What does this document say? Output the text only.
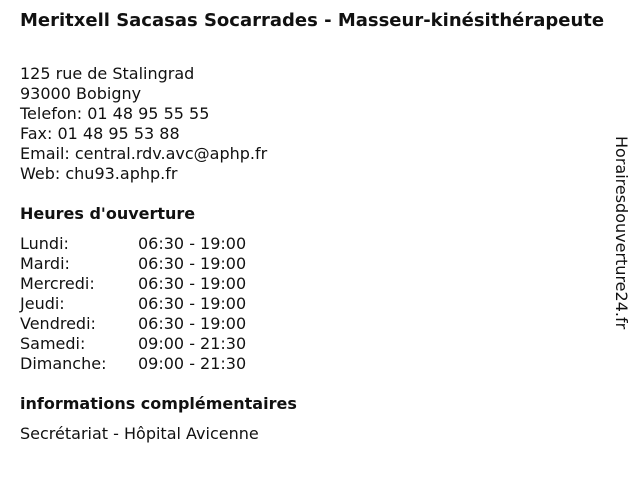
Meritxell Sacasas Socarrades - Masseur-kinésithérapeute
125 rue de Stalingrad
93000 Bobigny
Telefon: 01 48 95 55 55
Fax: 01 48 95 53 88
Email: central.rdv.avc@aphp.fr
Web: chu93.aphp.fr
Heures d'ouverture
Lundi:	06:30 - 19:00
Mardi:	06:30 - 19:00
Mercredi:	06:30 - 19:00
Jeudi:	06:30 - 19:00
Vendredi:	06:30 - 19:00
Samedi:	09:00 - 21:30
Dimanche:	09:00 - 21:30
informations complémentaires
Secrétariat - Hôpital Avicenne
Horairesdouverture24.fr
